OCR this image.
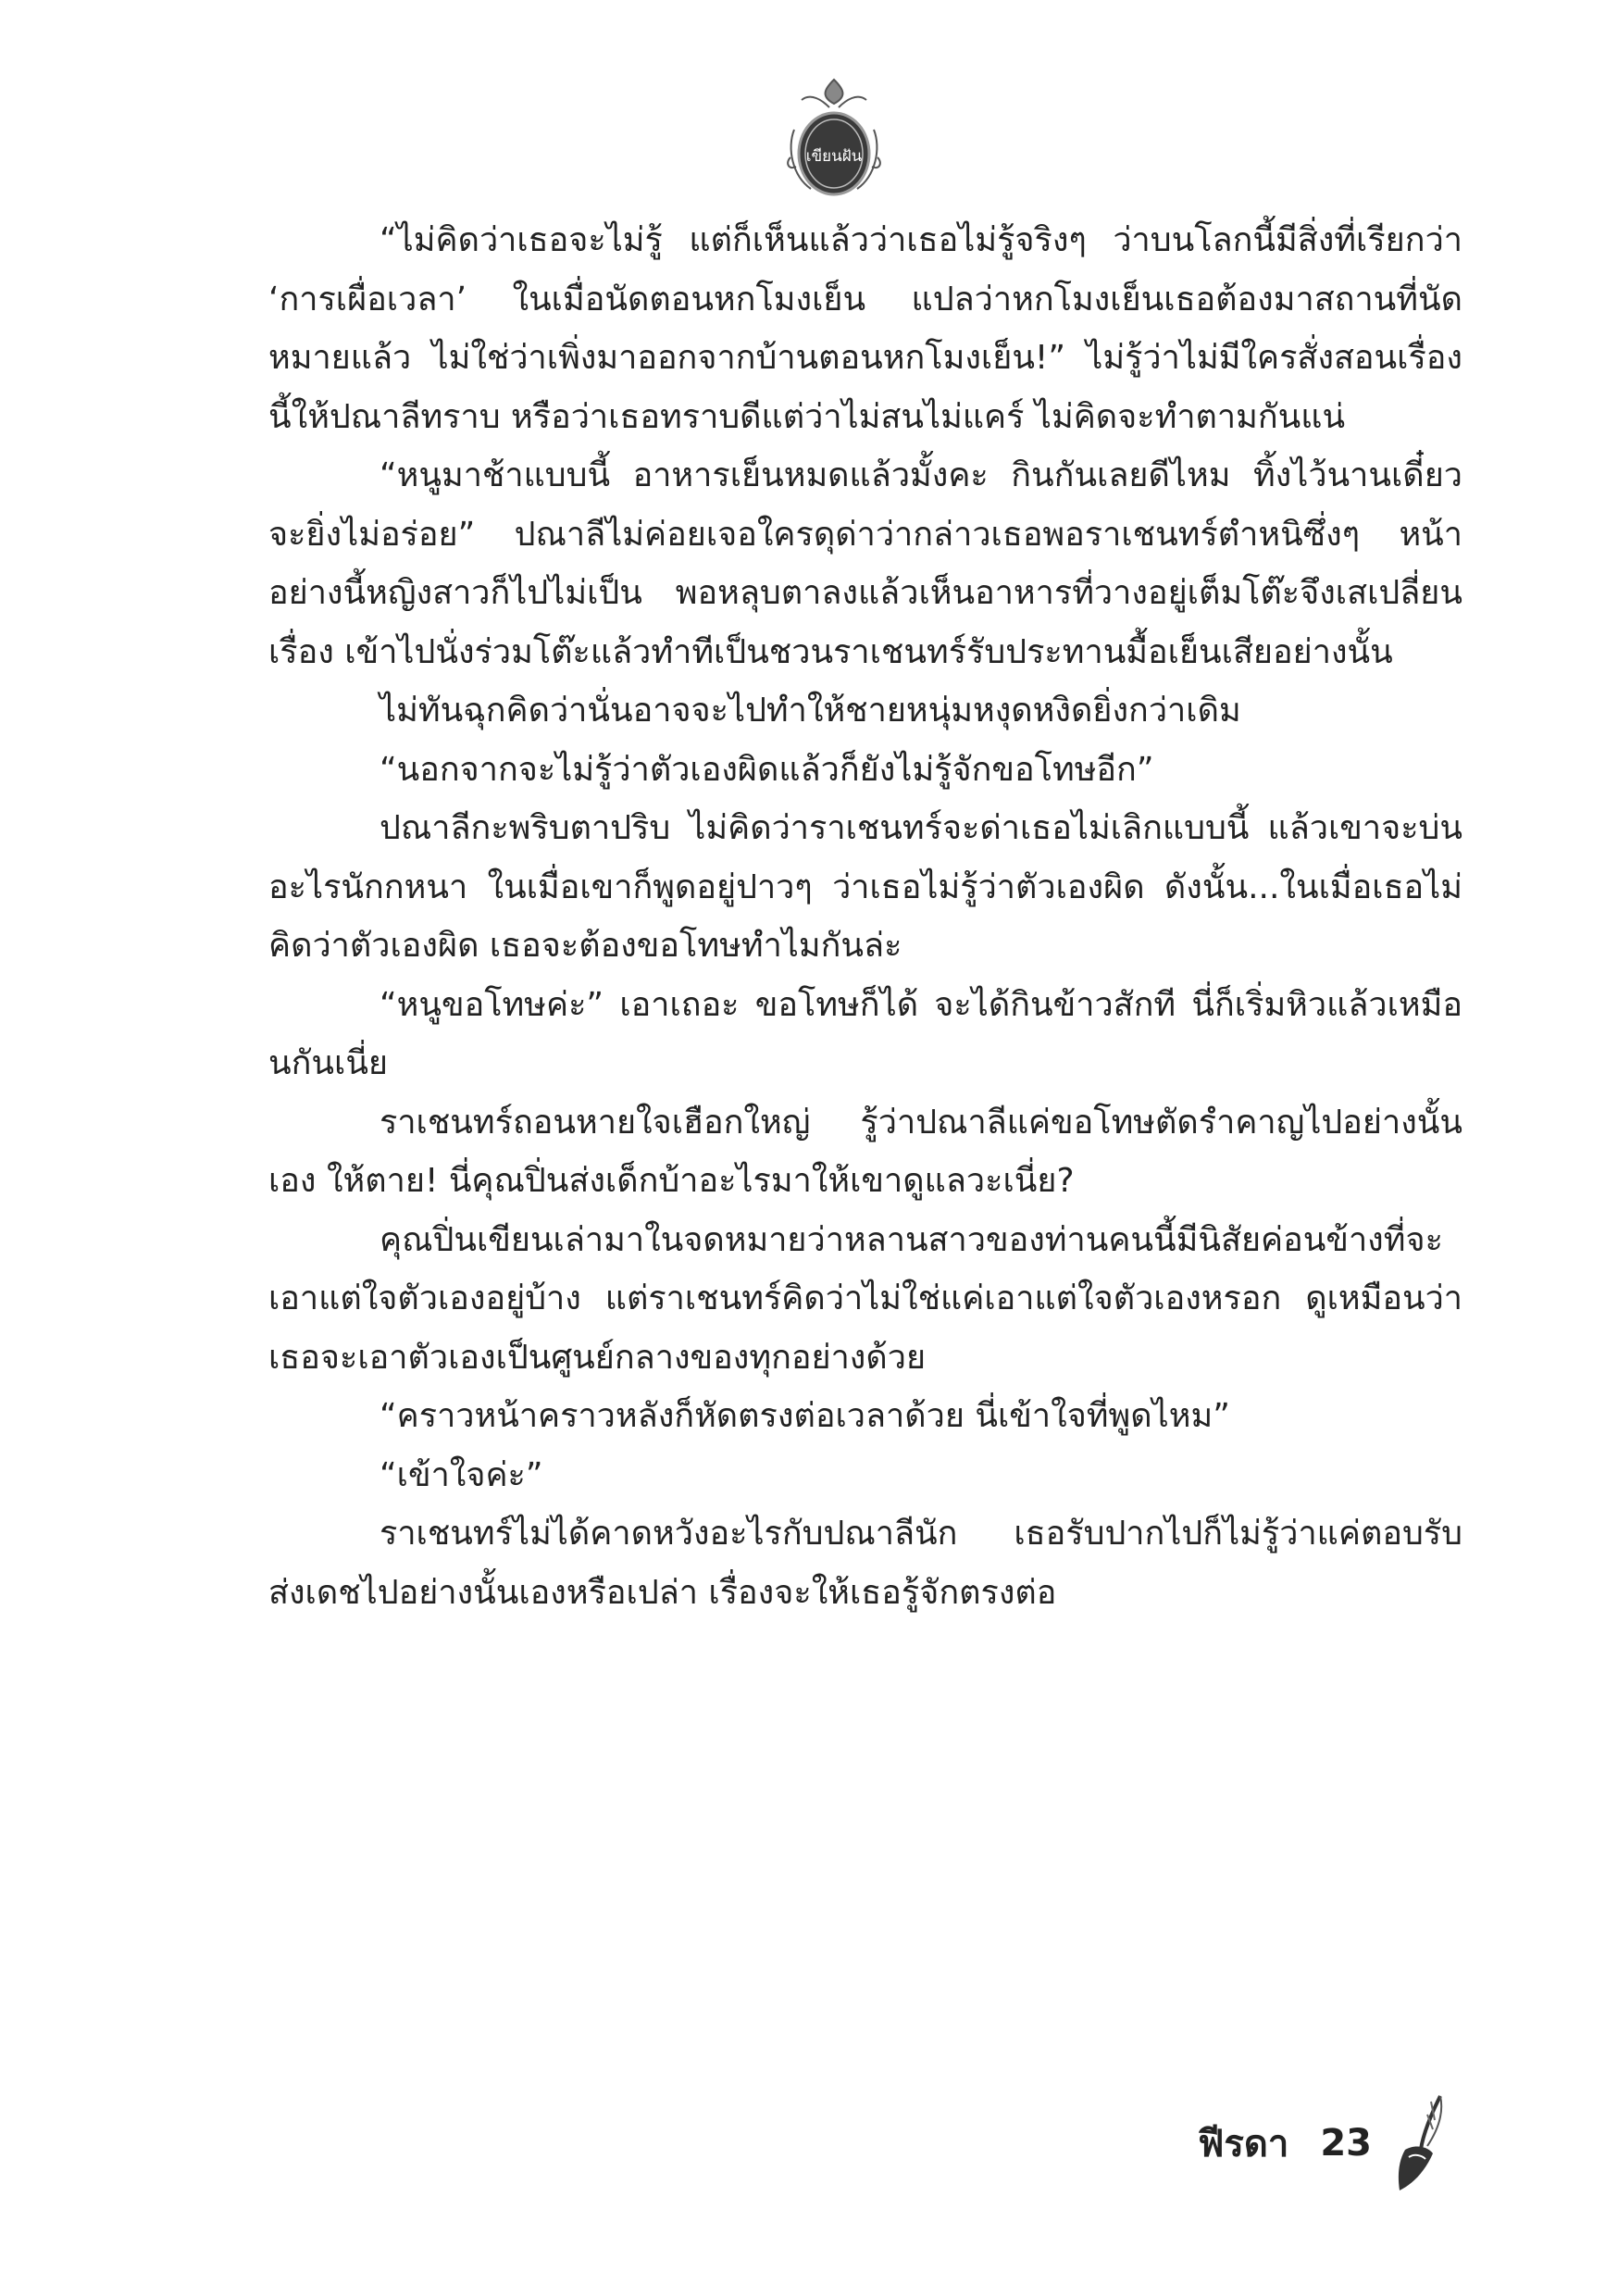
เขียนฝัน

“ไม่คิดว่าเธอจะไม่รู้ แต่ก็เห็นแล้วว่าเธอไม่รู้จริงๆ ว่าบนโลกนี้มีสิ่งที่เรียกว่า ‘การเผื่อเวลา’ ในเมื่อนัดตอนหกโมงเย็น แปลว่าหกโมงเย็นเธอต้องมาสถานที่นัดหมายแล้ว ไม่ใช่ว่าเพิ่งมาออกจากบ้านตอนหกโมงเย็น!” ไม่รู้ว่าไม่มีใครสั่งสอนเรื่องนี้ให้ปณาลีทราบ หรือว่าเธอทราบดีแต่ว่าไม่สนไม่แคร์ ไม่คิดจะทำตามกันแน่

“หนูมาช้าแบบนี้ อาหารเย็นหมดแล้วมั้งคะ กินกันเลยดีไหม ทิ้งไว้นานเดี๋ยวจะยิ่งไม่อร่อย” ปณาลีไม่ค่อยเจอใครดุด่าว่ากล่าวเธอพอราเชนทร์ตำหนิซึ่งๆ หน้าอย่างนี้หญิงสาวก็ไปไม่เป็น พอหลุบตาลงแล้วเห็นอาหารที่วางอยู่เต็มโต๊ะจึงเสเปลี่ยนเรื่อง เข้าไปนั่งร่วมโต๊ะแล้วทำทีเป็นชวนราเชนทร์รับประทานมื้อเย็นเสียอย่างนั้น

ไม่ทันฉุกคิดว่านั่นอาจจะไปทำให้ชายหนุ่มหงุดหงิดยิ่งกว่าเดิม

“นอกจากจะไม่รู้ว่าตัวเองผิดแล้วก็ยังไม่รู้จักขอโทษอีก”

ปณาลีกะพริบตาปริบ ไม่คิดว่าราเชนทร์จะด่าเธอไม่เลิกแบบนี้ แล้วเขาจะบ่นอะไรนักกหนา ในเมื่อเขาก็พูดอยู่ปาวๆ ว่าเธอไม่รู้ว่าตัวเองผิด ดังนั้น...ในเมื่อเธอไม่คิดว่าตัวเองผิด เธอจะต้องขอโทษทำไมกันล่ะ

“หนูขอโทษค่ะ” เอาเถอะ ขอโทษก็ได้ จะได้กินข้าวสักที นี่ก็เริ่มหิวแล้วเหมือนกันเนี่ย

ราเชนทร์ถอนหายใจเฮือกใหญ่ รู้ว่าปณาลีแค่ขอโทษตัดรำคาญไปอย่างนั้นเอง ให้ตาย! นี่คุณปิ่นส่งเด็กบ้าอะไรมาให้เขาดูแลวะเนี่ย?

คุณปิ่นเขียนเล่ามาในจดหมายว่าหลานสาวของท่านคนนี้มีนิสัยค่อนข้างที่จะเอาแต่ใจตัวเองอยู่บ้าง แต่ราเชนทร์คิดว่าไม่ใช่แค่เอาแต่ใจตัวเองหรอก ดูเหมือนว่าเธอจะเอาตัวเองเป็นศูนย์กลางของทุกอย่างด้วย

“คราวหน้าคราวหลังก็หัดตรงต่อเวลาด้วย นี่เข้าใจที่พูดไหม”

“เข้าใจค่ะ”

ราเชนทร์ไม่ได้คาดหวังอะไรกับปณาลีนัก เธอรับปากไปก็ไม่รู้ว่าแค่ตอบรับส่งเดชไปอย่างนั้นเองหรือเปล่า เรื่องจะให้เธอรู้จักตรงต่อ

ฟีรดา 23
